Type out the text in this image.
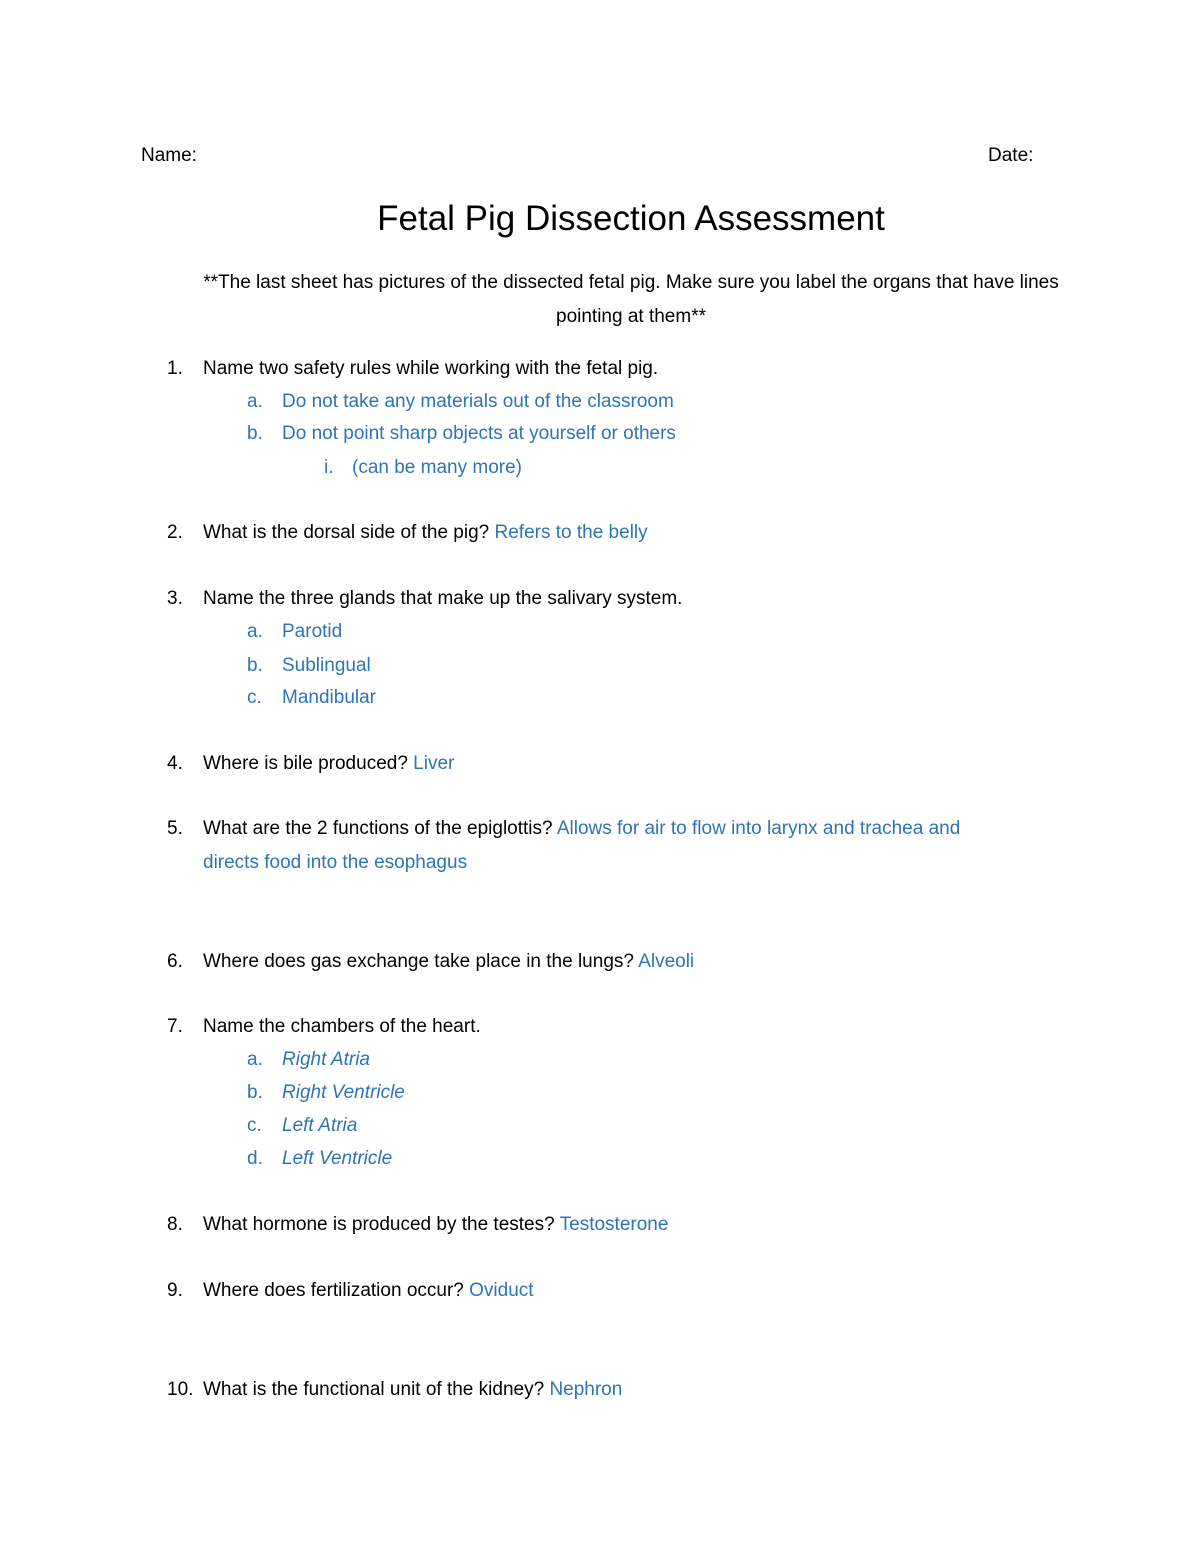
Name:	Date:
Fetal Pig Dissection Assessment
**The last sheet has pictures of the dissected fetal pig. Make sure you label the organs that have lines
pointing at them**
1. Name two safety rules while working with the fetal pig.
a. Do not take any materials out of the classroom
b. Do not point sharp objects at yourself or others
i. (can be many more)
2. What is the dorsal side of the pig? Refers to the belly
3. Name the three glands that make up the salivary system.
a. Parotid
b. Sublingual
c. Mandibular
4. Where is bile produced? Liver
5. What are the 2 functions of the epiglottis? Allows for air to flow into larynx and trachea and
directs food into the esophagus
6. Where does gas exchange take place in the lungs? Alveoli
7. Name the chambers of the heart.
a. Right Atria
b. Right Ventricle
c. Left Atria
d. Left Ventricle
8. What hormone is produced by the testes? Testosterone
9. Where does fertilization occur? Oviduct
10. What is the functional unit of the kidney? Nephron
